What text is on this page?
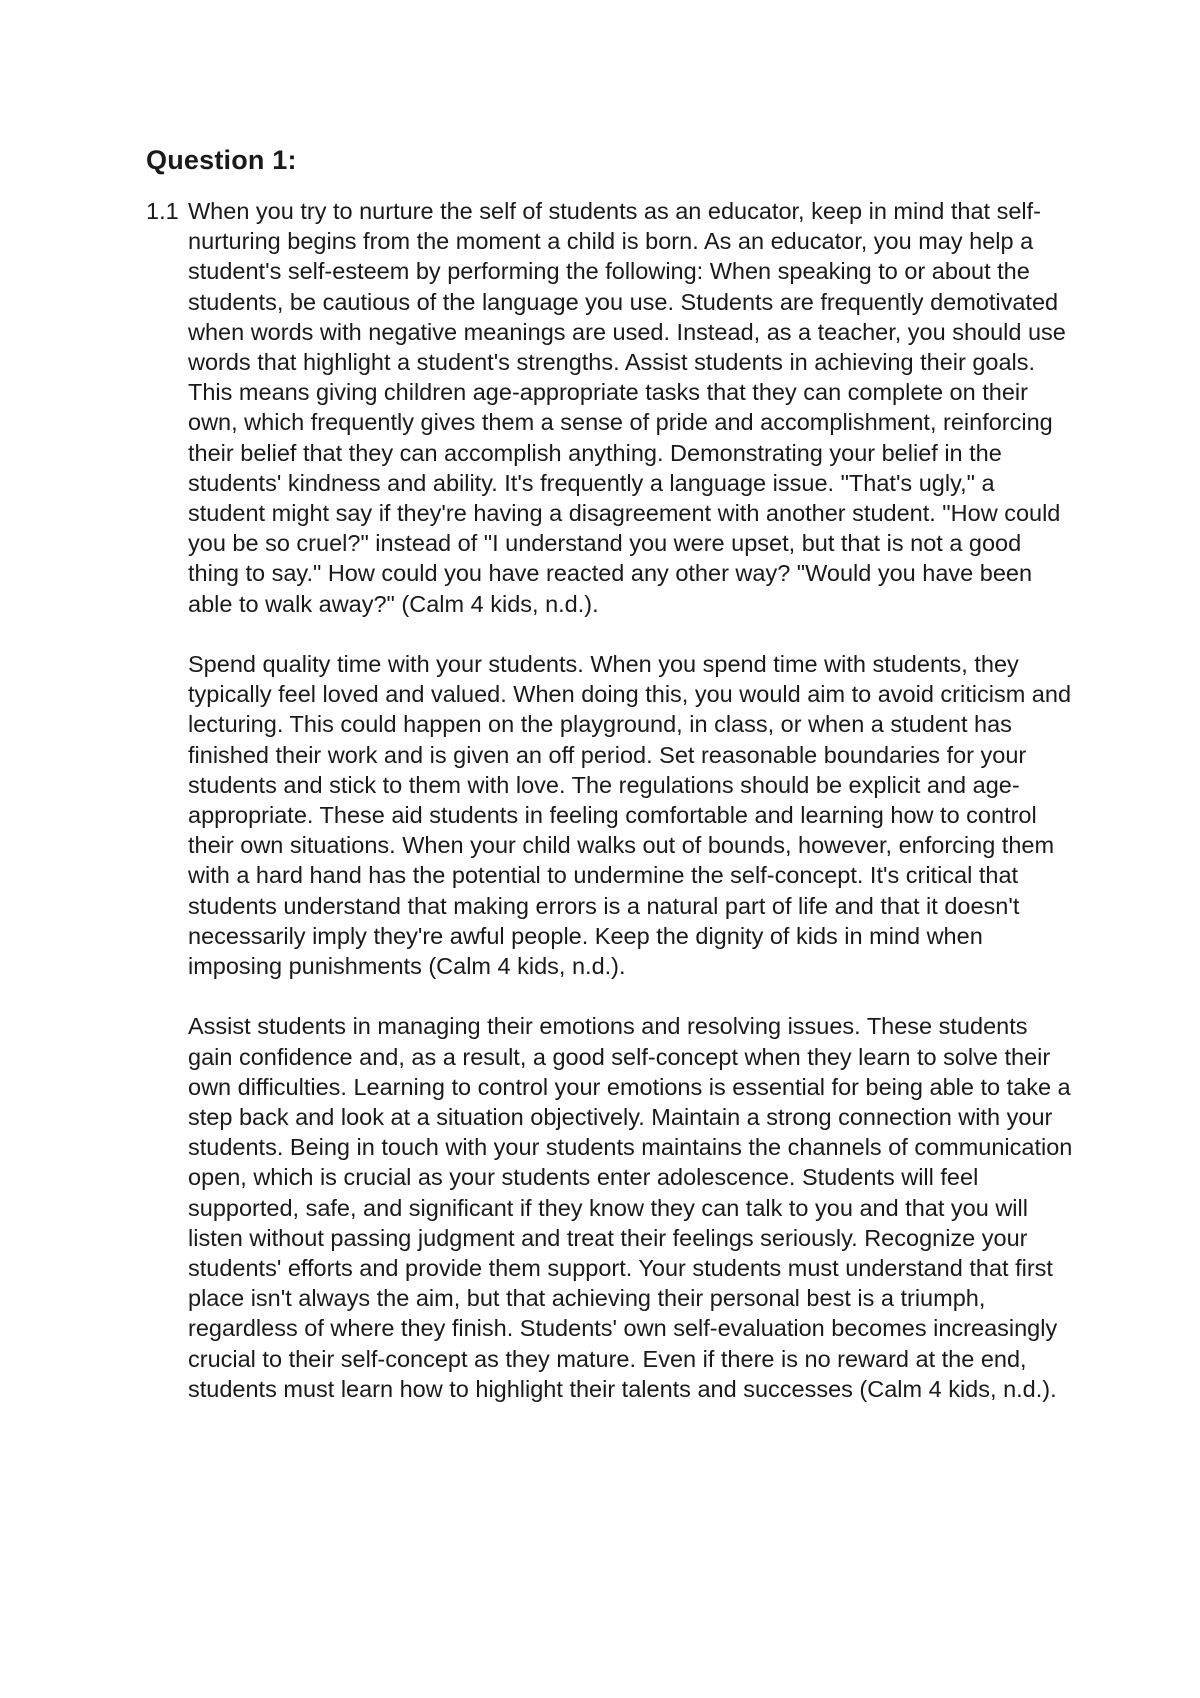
Question 1:
1.1 When you try to nurture the self of students as an educator, keep in mind that self-nurturing begins from the moment a child is born. As an educator, you may help a student's self-esteem by performing the following: When speaking to or about the students, be cautious of the language you use. Students are frequently demotivated when words with negative meanings are used. Instead, as a teacher, you should use words that highlight a student's strengths. Assist students in achieving their goals. This means giving children age-appropriate tasks that they can complete on their own, which frequently gives them a sense of pride and accomplishment, reinforcing their belief that they can accomplish anything. Demonstrating your belief in the students' kindness and ability. It's frequently a language issue. "That's ugly," a student might say if they're having a disagreement with another student. "How could you be so cruel?" instead of "I understand you were upset, but that is not a good thing to say." How could you have reacted any other way? "Would you have been able to walk away?" (Calm 4 kids, n.d.).

Spend quality time with your students. When you spend time with students, they typically feel loved and valued. When doing this, you would aim to avoid criticism and lecturing. This could happen on the playground, in class, or when a student has finished their work and is given an off period. Set reasonable boundaries for your students and stick to them with love. The regulations should be explicit and age-appropriate. These aid students in feeling comfortable and learning how to control their own situations. When your child walks out of bounds, however, enforcing them with a hard hand has the potential to undermine the self-concept. It's critical that students understand that making errors is a natural part of life and that it doesn't necessarily imply they're awful people. Keep the dignity of kids in mind when imposing punishments (Calm 4 kids, n.d.).

Assist students in managing their emotions and resolving issues. These students gain confidence and, as a result, a good self-concept when they learn to solve their own difficulties. Learning to control your emotions is essential for being able to take a step back and look at a situation objectively. Maintain a strong connection with your students. Being in touch with your students maintains the channels of communication open, which is crucial as your students enter adolescence. Students will feel supported, safe, and significant if they know they can talk to you and that you will listen without passing judgment and treat their feelings seriously. Recognize your students' efforts and provide them support. Your students must understand that first place isn't always the aim, but that achieving their personal best is a triumph, regardless of where they finish. Students' own self-evaluation becomes increasingly crucial to their self-concept as they mature. Even if there is no reward at the end, students must learn how to highlight their talents and successes (Calm 4 kids, n.d.).
